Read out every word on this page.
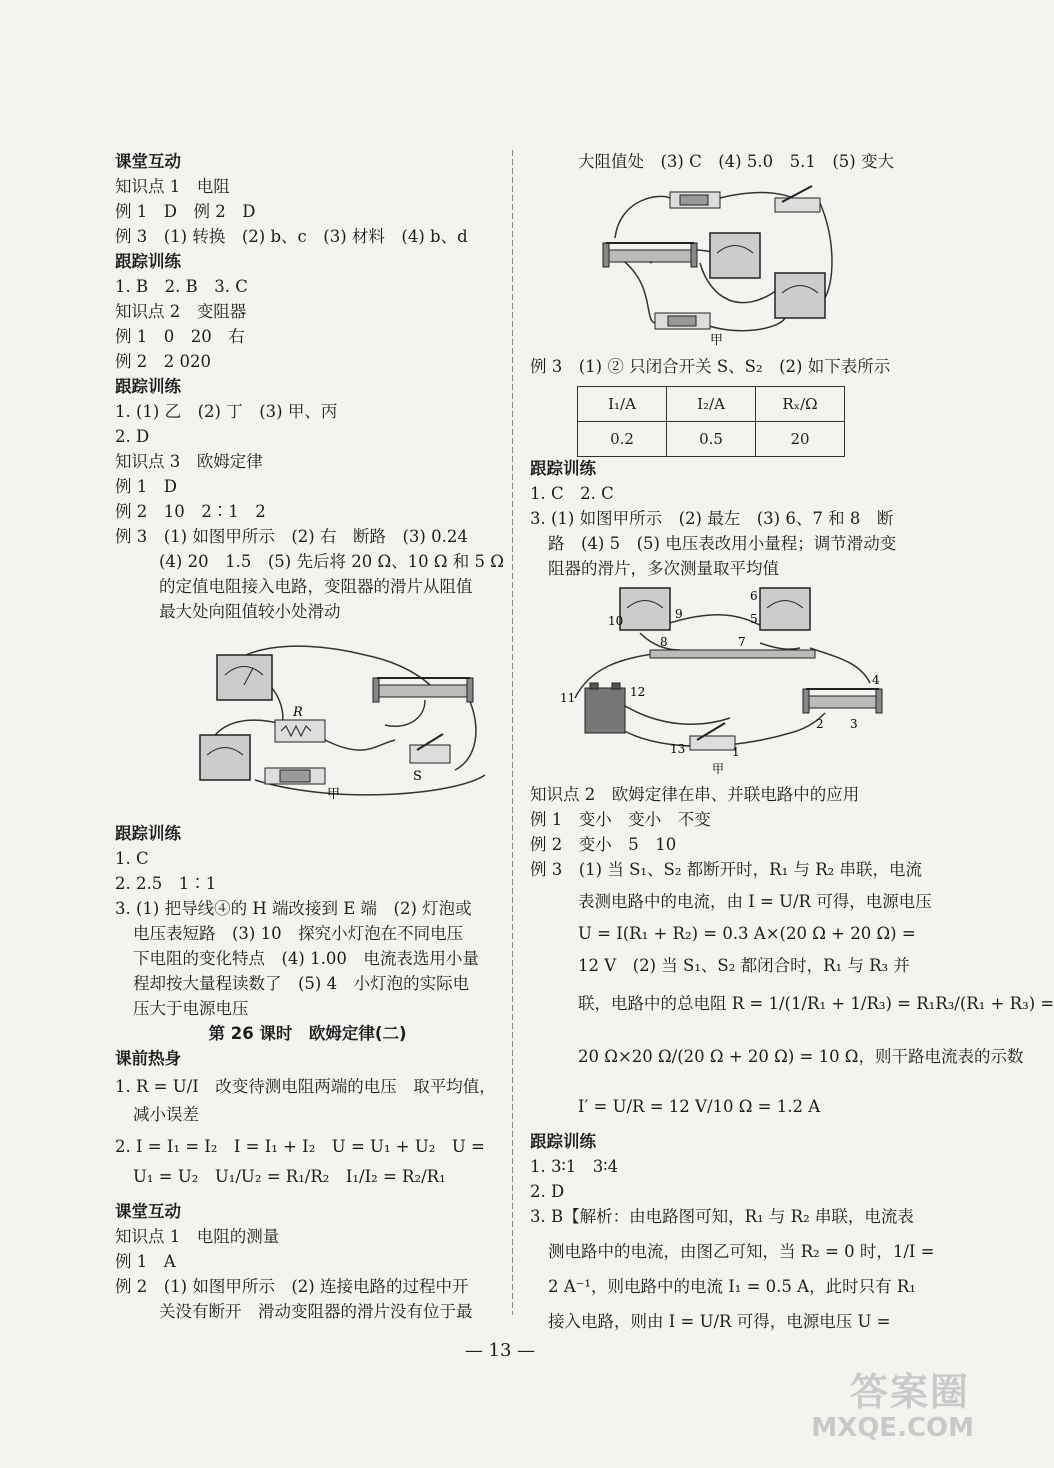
课堂互动
知识点 1　电阻
例 1　D　例 2　D
例 3　(1) 转换　(2) b、c　(3) 材料　(4) b、d
跟踪训练
1. B　2. B　3. C
知识点 2　变阻器
例 1　0　20　右
例 2　2 020
跟踪训练
1. (1) 乙　(2) 丁　(3) 甲、丙
2. D
知识点 3　欧姆定律
例 1　D
例 2　10　2∶1　2
例 3　(1) 如图甲所示　(2) 右　断路　(3) 0.24
(4) 20　1.5　(5) 先后将 20 Ω、10 Ω 和 5 Ω
的定值电阻接入电路，变阻器的滑片从阻值
最大处向阻值较小处滑动
R
S
甲
跟踪训练
1. C
2. 2.5　1∶1
3. (1) 把导线④的 H 端改接到 E 端　(2) 灯泡或
电压表短路　(3) 10　探究小灯泡在不同电压
下电阻的变化特点　(4) 1.00　电流表选用小量
程却按大量程读数了　(5) 4　小灯泡的实际电
压大于电源电压
第 26 课时　欧姆定律(二)
课前热身
1. R = U/I　改变待测电阻两端的电压　取平均值，
减小误差
2. I = I₁ = I₂　I = I₁ + I₂　U = U₁ + U₂　U =
U₁ = U₂　U₁/U₂ = R₁/R₂　I₁/I₂ = R₂/R₁
课堂互动
知识点 1　电阻的测量
例 1　A
例 2　(1) 如图甲所示　(2) 连接电路的过程中开
关没有断开　滑动变阻器的滑片没有位于最
大阻值处　(3) C　(4) 5.0　5.1　(5) 变大
甲
例 3　(1) ② 只闭合开关 S、S₂　(2) 如下表所示
I₁/A	I₂/A	Rₓ/Ω
0.2	0.5	20
跟踪训练
1. C　2. C
3. (1) 如图甲所示　(2) 最左　(3) 6、7 和 8　断
路　(4) 5　(5) 电压表改用小量程；调节滑动变
阻器的滑片，多次测量取平均值
10	9
6
5
8	7
4
11	12
13	1
2 3
甲
知识点 2　欧姆定律在串、并联电路中的应用
例 1　变小　变小　不变
例 2　变小　5　10
例 3　(1) 当 S₁、S₂ 都断开时，R₁ 与 R₂ 串联，电流
表测电路中的电流，由 I = U/R 可得，电源电压
U = I(R₁ + R₂) = 0.3 A×(20 Ω + 20 Ω) =
12 V　(2) 当 S₁、S₂ 都闭合时，R₁ 与 R₃ 并
联，电路中的总电阻 R = 1/(1/R₁ + 1/R₃) = R₁R₃/(R₁ + R₃) =
20 Ω×20 Ω/(20 Ω + 20 Ω) = 10 Ω，则干路电流表的示数
I′ = U/R = 12 V/10 Ω = 1.2 A
跟踪训练
1. 3∶1　3∶4
2. D
3. B【解析：由电路图可知，R₁ 与 R₂ 串联，电流表
测电路中的电流，由图乙可知，当 R₂ = 0 时，1/I =
2 A⁻¹，则电路中的电流 I₁ = 0.5 A，此时只有 R₁
接入电路，则由 I = U/R 可得，电源电压 U =
— 13 —
答案圈
MXQE.COM
